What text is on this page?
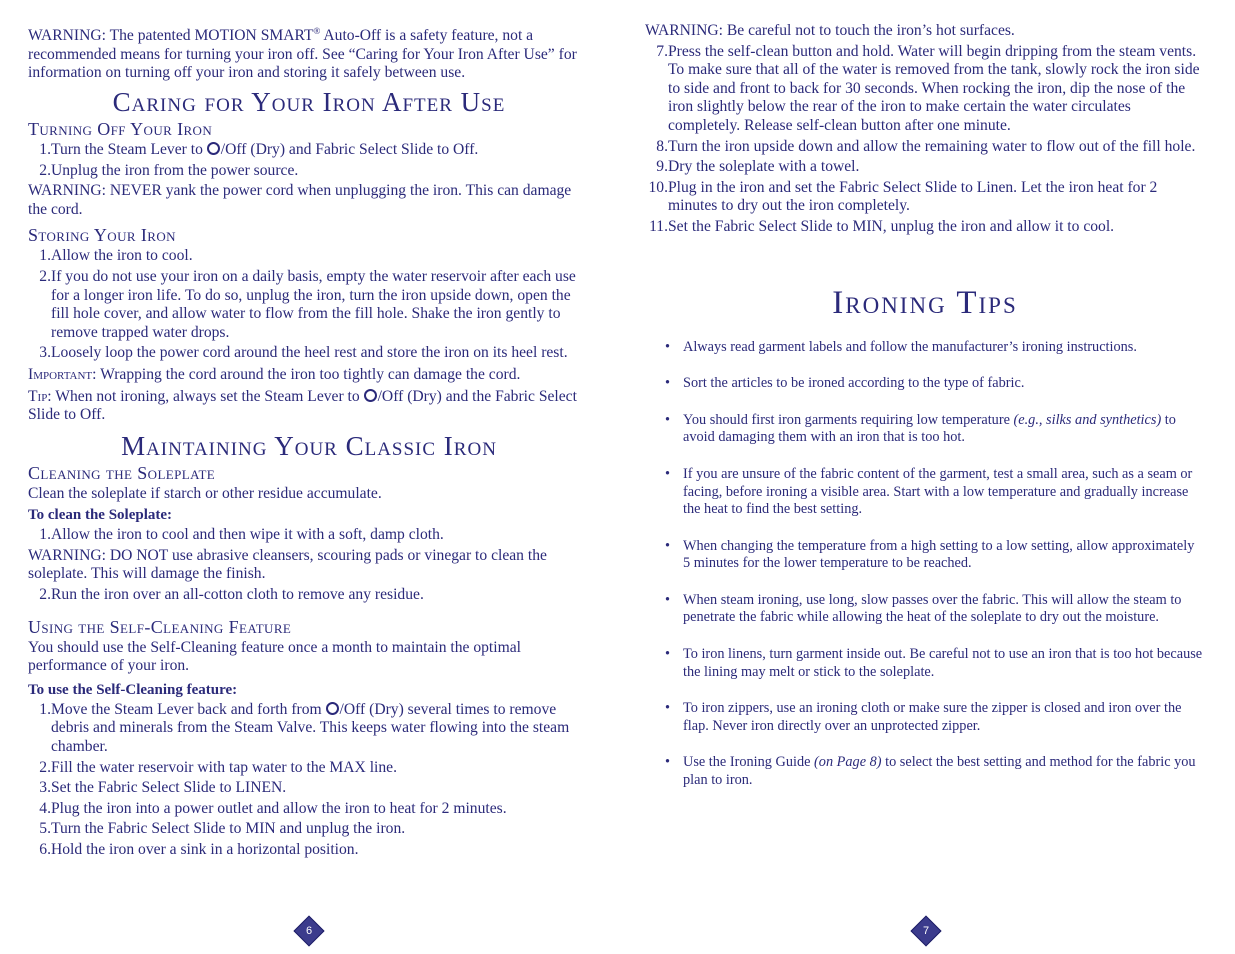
WARNING: The patented MOTION SMART® Auto-Off is a safety feature, not a recommended means for turning your iron off. See “Caring for Your Iron After Use” for information on turning off your iron and storing it safely between use.

Caring for Your Iron After Use
Turning Off Your Iron
1. Turn the Steam Lever to /Off (Dry) and Fabric Select Slide to Off.
2. Unplug the iron from the power source.

WARNING: NEVER yank the power cord when unplugging the iron. This can damage the cord.

Storing Your Iron
1. Allow the iron to cool.
2. If you do not use your iron on a daily basis, empty the water reservoir after each use for a longer iron life. To do so, unplug the iron, turn the iron upside down, open the fill hole cover, and allow water to flow from the fill hole. Shake the iron gently to remove trapped water drops.
3. Loosely loop the power cord around the heel rest and store the iron on its heel rest.

Important: Wrapping the cord around the iron too tightly can damage the cord.

Tip: When not ironing, always set the Steam Lever to /Off (Dry) and the Fabric Select Slide to Off.

Maintaining Your Classic Iron
Cleaning the Soleplate

Clean the soleplate if starch or other residue accumulate.

To clean the Soleplate:
1. Allow the iron to cool and then wipe it with a soft, damp cloth.

WARNING: DO NOT use abrasive cleansers, scouring pads or vinegar to clean the soleplate. This will damage the finish.

2. Run the iron over an all-cotton cloth to remove any residue.
Using the Self-Cleaning Feature

You should use the Self-Cleaning feature once a month to maintain the optimal performance of your iron.

To use the Self-Cleaning feature:
1. Move the Steam Lever back and forth from /Off (Dry) several times to remove debris and minerals from the Steam Valve. This keeps water flowing into the steam chamber.
2. Fill the water reservoir with tap water to the MAX line.
3. Set the Fabric Select Slide to LINEN.
4. Plug the iron into a power outlet and allow the iron to heat for 2 minutes.
5. Turn the Fabric Select Slide to MIN and unplug the iron.
6. Hold the iron over a sink in a horizontal position.

WARNING: Be careful not to touch the iron’s hot surfaces.

7. Press the self-clean button and hold. Water will begin dripping from the steam vents. To make sure that all of the water is removed from the tank, slowly rock the iron side to side and front to back for 30 seconds. When rocking the iron, dip the nose of the iron slightly below the rear of the iron to make certain the water circulates completely. Release self-clean button after one minute.
8. Turn the iron upside down and allow the remaining water to flow out of the fill hole.
9. Dry the soleplate with a towel.
10. Plug in the iron and set the Fabric Select Slide to Linen. Let the iron heat for 2 minutes to dry out the iron completely.
11. Set the Fabric Select Slide to MIN, unplug the iron and allow it to cool.
Ironing Tips
• Always read garment labels and follow the manufacturer’s ironing instructions.
• Sort the articles to be ironed according to the type of fabric.
• You should first iron garments requiring low temperature (e.g., silks and synthetics) to avoid damaging them with an iron that is too hot.
• If you are unsure of the fabric content of the garment, test a small area, such as a seam or facing, before ironing a visible area. Start with a low temperature and gradually increase the heat to find the best setting.
• When changing the temperature from a high setting to a low setting, allow approximately 5 minutes for the lower temperature to be reached.
• When steam ironing, use long, slow passes over the fabric. This will allow the steam to penetrate the fabric while allowing the heat of the soleplate to dry out the moisture.
• To iron linens, turn garment inside out. Be careful not to use an iron that is too hot because the lining may melt or stick to the soleplate.
• To iron zippers, use an ironing cloth or make sure the zipper is closed and iron over the flap. Never iron directly over an unprotected zipper.
• Use the Ironing Guide (on Page 8) to select the best setting and method for the fabric you plan to iron.
6	7
